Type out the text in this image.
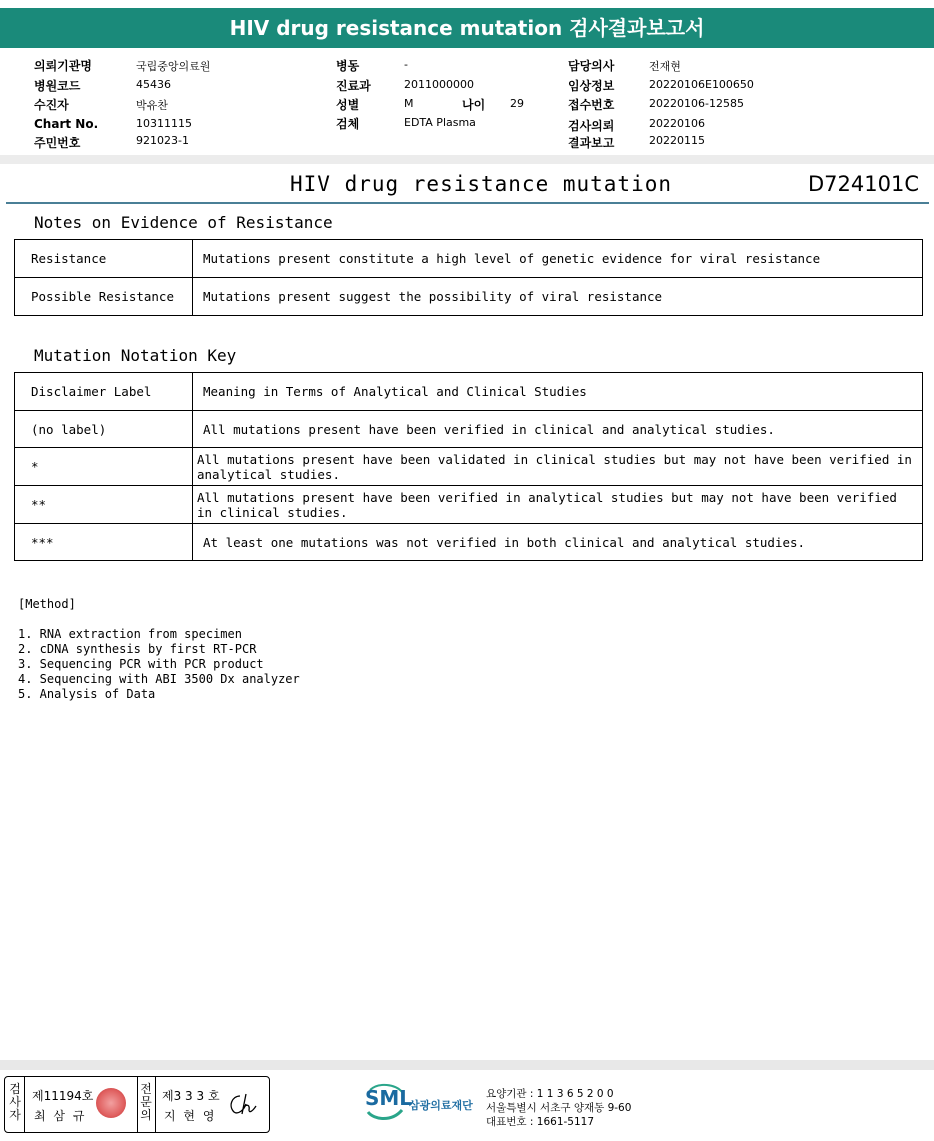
HIV drug resistance mutation 검사결과보고서
의뢰기관명	국립중앙의료원
병원코드	45436
수진자	박유찬
Chart No.	10311115
주민번호	921023-1
병동	-
진료과	2011000000
성별	M	나이 29
검체	EDTA Plasma
담당의사	전재현
임상정보	20220106E100650
접수번호	20220106-12585
검사의뢰	20220106
결과보고	20220115
HIV drug resistance mutation	D724101C
Notes on Evidence of Resistance
Resistance	Mutations present constitute a high level of genetic evidence for viral resistance
Possible Resistance	Mutations present suggest the possibility of viral resistance
Mutation Notation Key
Disclaimer Label	Meaning in Terms of Analytical and Clinical Studies
(no label)	All mutations present have been verified in clinical and analytical studies.
*	All mutations present have been validated in clinical studies but may not have been verified in analytical studies.
**	All mutations present have been verified in analytical studies but may not have been verified in clinical studies.
***	At least one mutations was not verified in both clinical and analytical studies.
[Method]
1. RNA extraction from specimen
2. cDNA synthesis by first RT-PCR
3. Sequencing PCR with PCR product
4. Sequencing with ABI 3500 Dx analyzer
5. Analysis of Data
검사자
제11194호
최 삼 규
전문의
제3 3 3 호
지 현 영
SML
삼광의료재단
요양기관 : 1 1 3 6 5 2 0 0
서울특별시 서초구 양재동 9-60
대표번호 : 1661-5117
